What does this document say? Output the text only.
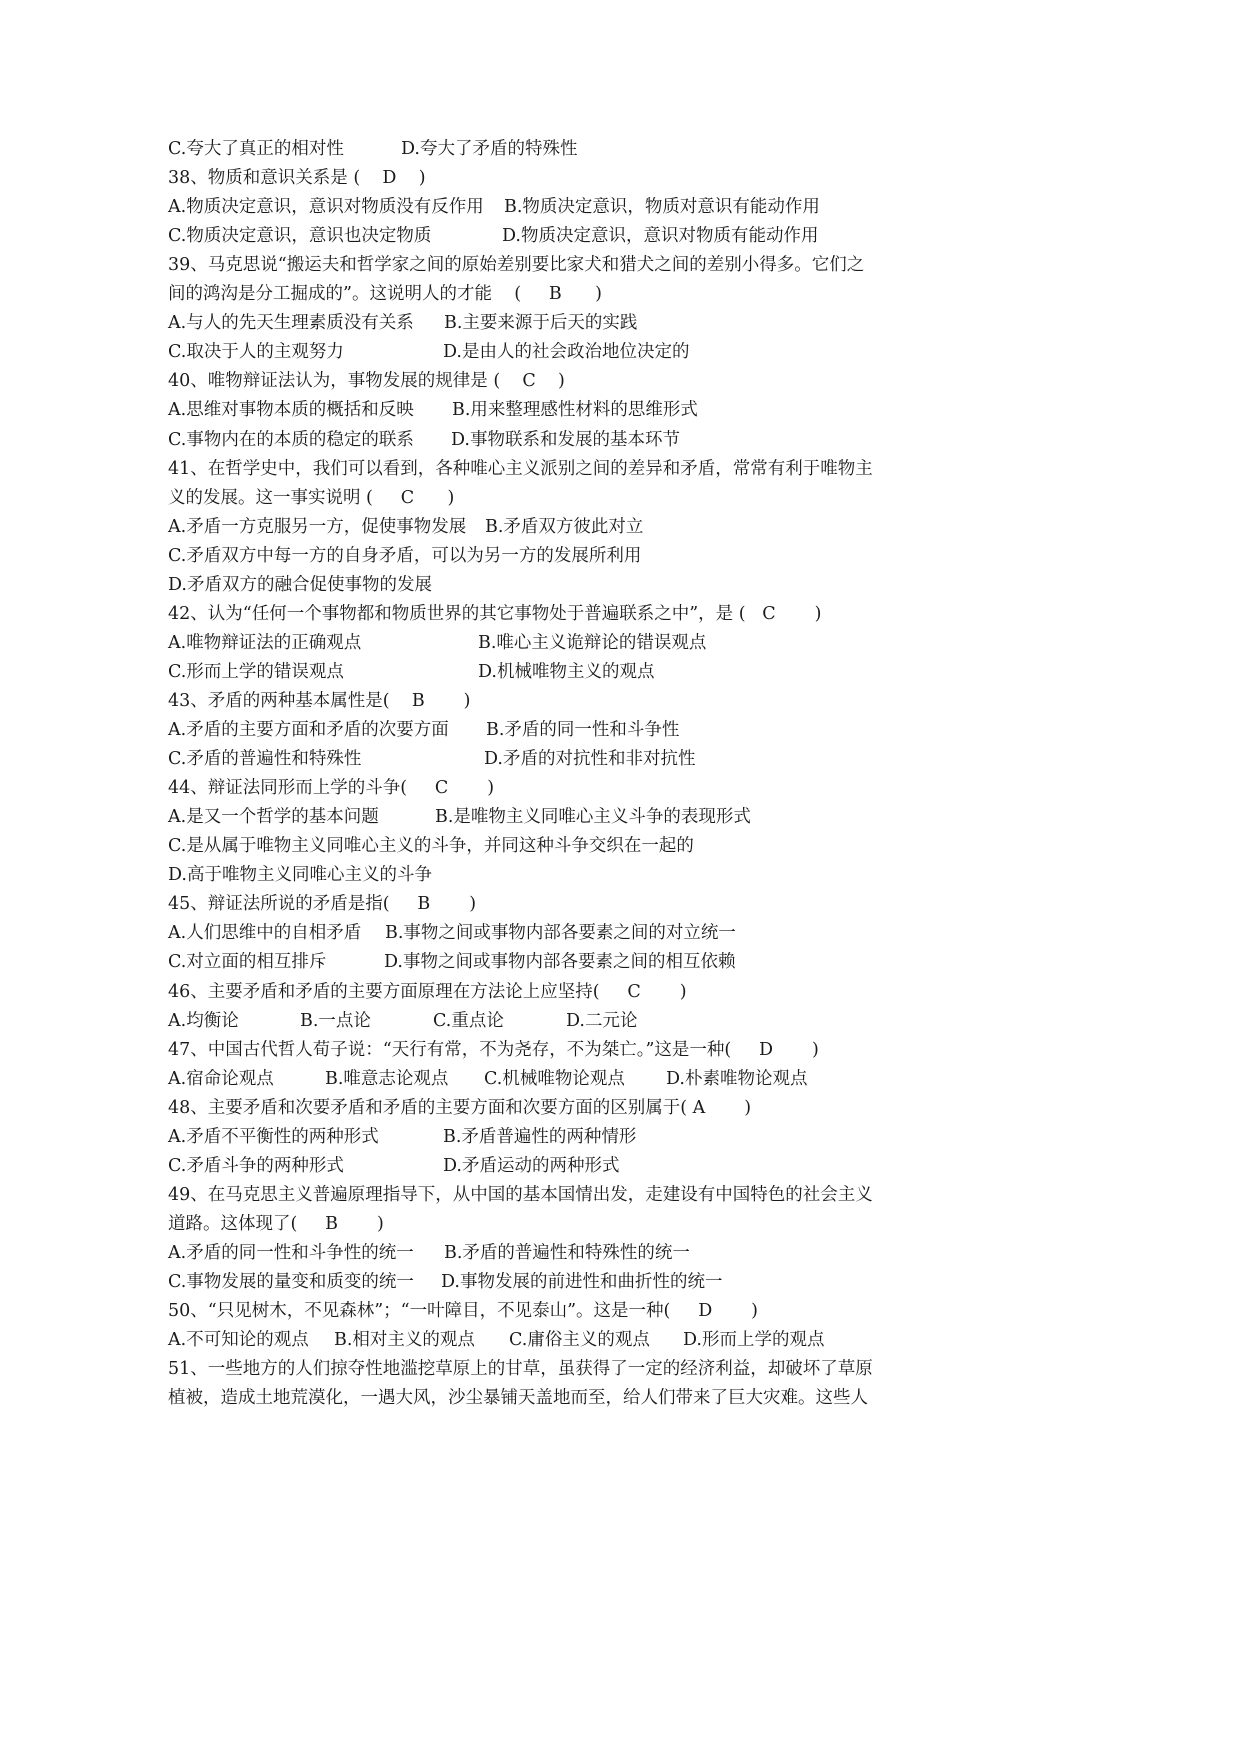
C.夸大了真正的相对性	D.夸大了矛盾的特殊性
38、物质和意识关系是 (    D    )
A.物质决定意识，意识对物质没有反作用 B.物质决定意识，物质对意识有能动作用
C.物质决定意识，意识也决定物质	D.物质决定意识，意识对物质有能动作用
39、马克思说“搬运夫和哲学家之间的原始差别要比家犬和猎犬之间的差别小得多。它们之
间的鸿沟是分工掘成的”。这说明人的才能    (     B      )
A.与人的先天生理素质没有关系 B.主要来源于后天的实践
C.取决于人的主观努力	D.是由人的社会政治地位决定的
40、唯物辩证法认为，事物发展的规律是 (    C    )
A.思维对事物本质的概括和反映 B.用来整理感性材料的思维形式
C.事物内在的本质的稳定的联系 D.事物联系和发展的基本环节
41、在哲学史中，我们可以看到，各种唯心主义派别之间的差异和矛盾，常常有利于唯物主
义的发展。这一事实说明 (     C      )
A.矛盾一方克服另一方，促使事物发展 B.矛盾双方彼此对立
C.矛盾双方中每一方的自身矛盾，可以为另一方的发展所利用
D.矛盾双方的融合促使事物的发展
42、认为“任何一个事物都和物质世界的其它事物处于普遍联系之中”，是 (   C       )
A.唯物辩证法的正确观点	B.唯心主义诡辩论的错误观点
C.形而上学的错误观点	D.机械唯物主义的观点
43、矛盾的两种基本属性是(    B       )
A.矛盾的主要方面和矛盾的次要方面 B.矛盾的同一性和斗争性
C.矛盾的普遍性和特殊性	D.矛盾的对抗性和非对抗性
44、辩证法同形而上学的斗争(     C       )
A.是又一个哲学的基本问题	B.是唯物主义同唯心主义斗争的表现形式
C.是从属于唯物主义同唯心主义的斗争，并同这种斗争交织在一起的
D.高于唯物主义同唯心主义的斗争
45、辩证法所说的矛盾是指(     B       )
A.人们思维中的自相矛盾 B.事物之间或事物内部各要素之间的对立统一
C.对立面的相互排斥	D.事物之间或事物内部各要素之间的相互依赖
46、主要矛盾和矛盾的主要方面原理在方法论上应坚持(     C       )
A.均衡论	B.一点论	C.重点论	D.二元论
47、中国古代哲人荀子说：“天行有常，不为尧存，不为桀亡。”这是一种(     D       )
A.宿命论观点	B.唯意志论观点 C.机械唯物论观点 D.朴素唯物论观点
48、主要矛盾和次要矛盾和矛盾的主要方面和次要方面的区别属于( A       )
A.矛盾不平衡性的两种形式	B.矛盾普遍性的两种情形
C.矛盾斗争的两种形式	D.矛盾运动的两种形式
49、在马克思主义普遍原理指导下，从中国的基本国情出发，走建设有中国特色的社会主义
道路。这体现了(     B       )
A.矛盾的同一性和斗争性的统一 B.矛盾的普遍性和特殊性的统一
C.事物发展的量变和质变的统一 D.事物发展的前进性和曲折性的统一
50、“只见树木，不见森林”；“一叶障目，不见泰山”。这是一种(     D       )
A.不可知论的观点 B.相对主义的观点 C.庸俗主义的观点 D.形而上学的观点
51、一些地方的人们掠夺性地滥挖草原上的甘草，虽获得了一定的经济利益，却破坏了草原
植被，造成土地荒漠化，一遇大风，沙尘暴铺天盖地而至，给人们带来了巨大灾难。这些人
